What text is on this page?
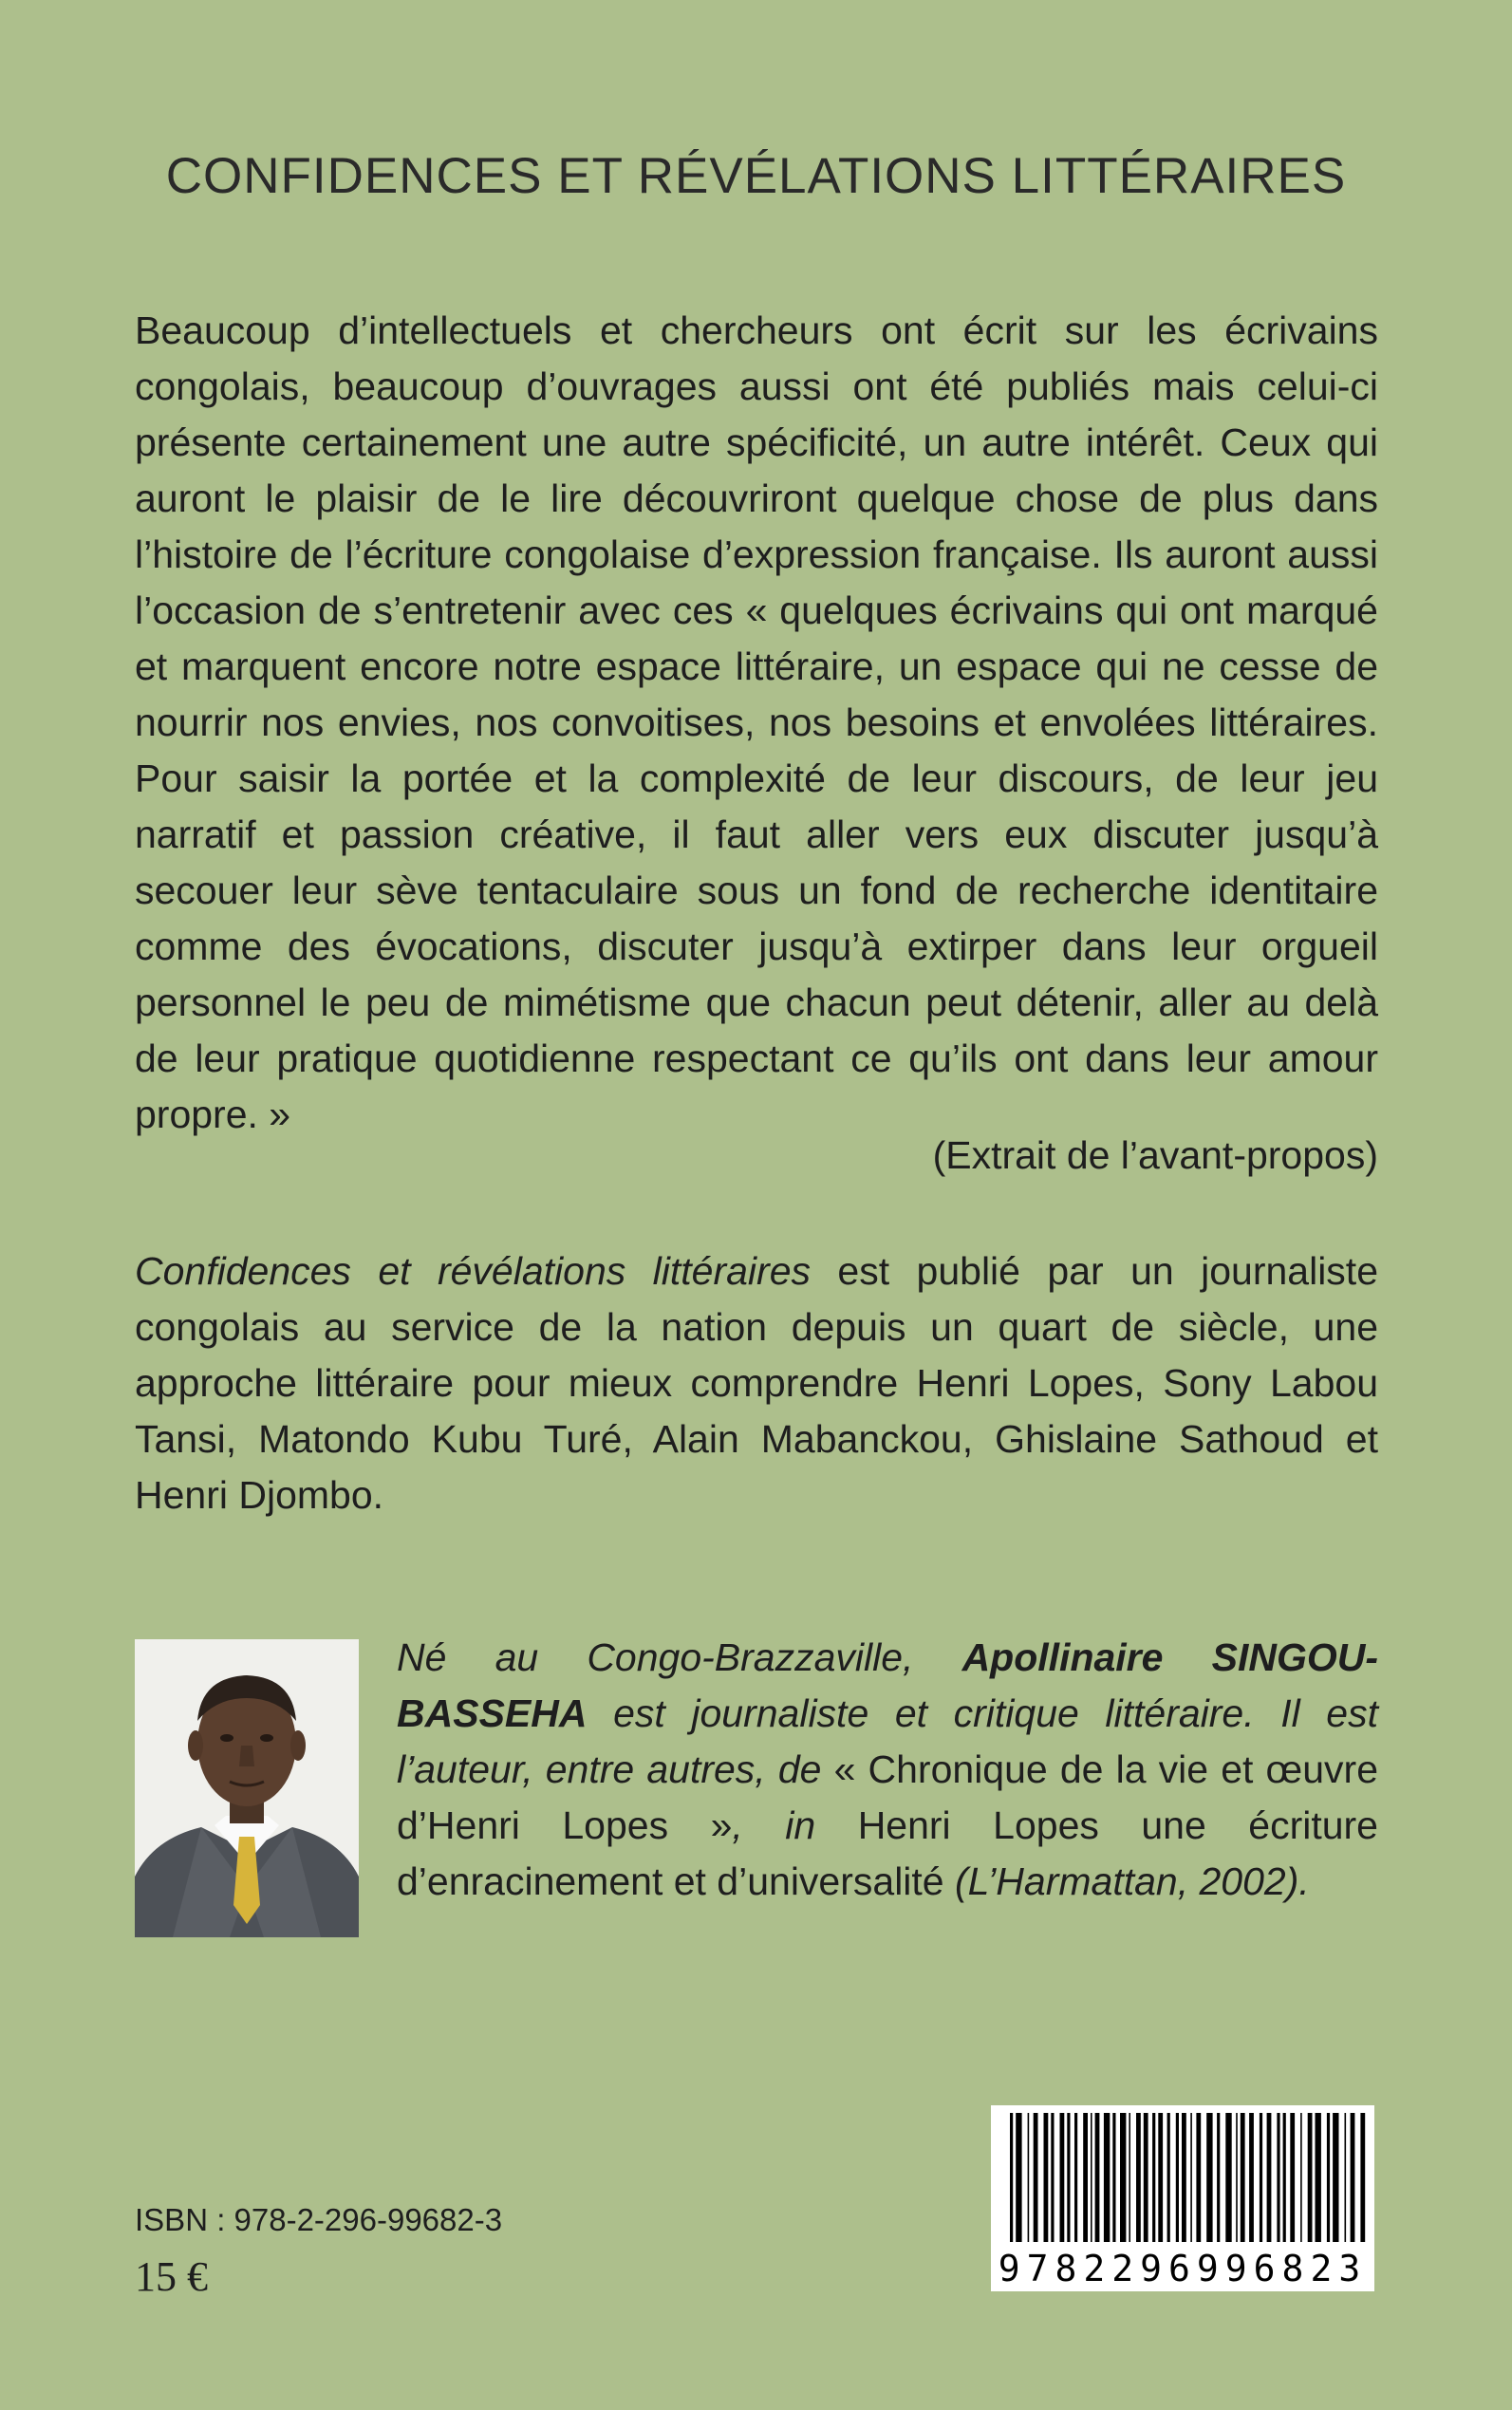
CONFIDENCES ET RÉVÉLATIONS LITTÉRAIRES

Beaucoup d’intellectuels et chercheurs ont écrit sur les écrivains congolais, beaucoup d’ouvrages aussi ont été publiés mais celui-ci présente certainement une autre spécificité, un autre intérêt. Ceux qui auront le plaisir de le lire découvriront quelque chose de plus dans l’histoire de l’écriture congolaise d’expression française. Ils auront aussi l’occasion de s’entretenir avec ces « quelques écrivains qui ont marqué et marquent encore notre espace littéraire, un espace qui ne cesse de nourrir nos envies, nos convoitises, nos besoins et envolées littéraires. Pour saisir la portée et la complexité de leur discours, de leur jeu narratif et passion créative, il faut aller vers eux discuter jusqu’à secouer leur sève tentaculaire sous un fond de recherche identitaire comme des évocations, discuter jusqu’à extirper dans leur orgueil personnel le peu de mimétisme que chacun peut détenir, aller au delà de leur pratique quotidienne respectant ce qu’ils ont dans leur amour propre. »

(Extrait de l’avant-propos)

Confidences et révélations littéraires est publié par un journaliste congolais au service de la nation depuis un quart de siècle, une approche littéraire pour mieux comprendre Henri Lopes, Sony Labou Tansi, Matondo Kubu Turé, Alain Mabanckou, Ghislaine Sathoud et Henri Djombo.

Né au Congo-Brazzaville, Apollinaire SINGOU-BASSEHA est journaliste et critique littéraire. Il est l’auteur, entre autres, de « Chronique de la vie et œuvre d’Henri Lopes », in Henri Lopes une écriture d’enracinement et d’universalité (L’Harmattan, 2002).

ISBN : 978-2-296-99682-3

15 €	9782296996823
